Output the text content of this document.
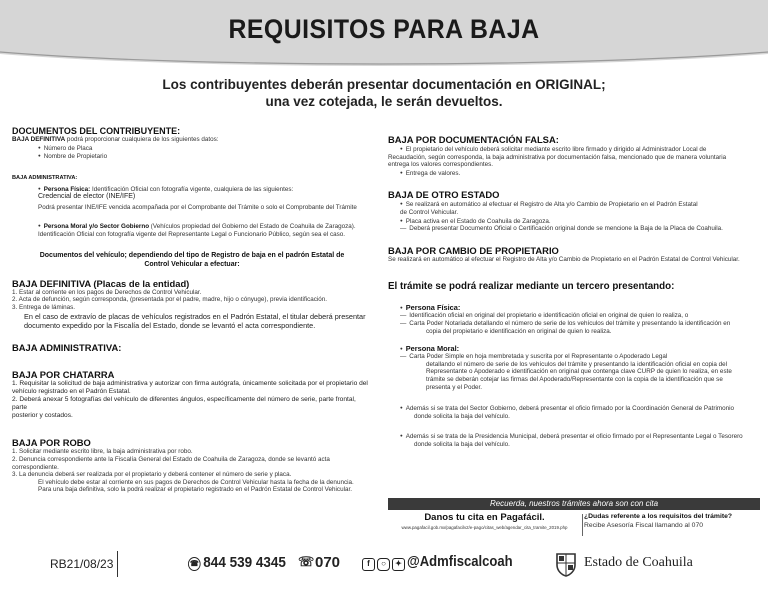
REQUISITOS PARA BAJA
Los contribuyentes deberán presentar documentación en ORIGINAL;
una vez cotejada, le serán devueltos.
DOCUMENTOS DEL CONTRIBUYENTE:
BAJA DEFINITIVA podrá proporcionar cualquiera de los siguientes datos:
● Número de Placa
● Nombre de Propietario
BAJA ADMINISTRATIVA:
● Persona Física: Identificación Oficial con fotografía vigente, cualquiera de las siguientes:
Credencial de elector (INE/IFE)
Podrá presentar INE/IFE vencida acompañada por el Comprobante del Trámite o solo el Comprobante del Trámite
● Persona Moral y/o Sector Gobierno (Vehículos propiedad del Gobierno del Estado de Coahuila de Zaragoza).
Identificación Oficial con fotografía vigente del Representante Legal o Funcionario Público, según sea el caso.
Documentos del vehículo; dependiendo del tipo de Registro de baja en el padrón Estatal de
Control Vehicular a efectuar:
BAJA DEFINITIVA (Placas de la entidad)
1. Estar al corriente en los pagos de Derechos de Control Vehicular.
2. Acta de defunción, según corresponda, (presentada por el padre, madre, hijo o cónyuge), previa identificación.
3. Entrega de láminas.
En el caso de extravío de placas de vehículos registrados en el Padrón Estatal, el titular deberá presentar
documento expedido por la Fiscalía del Estado, donde se levantó el acta correspondiente.
BAJA ADMINISTRATIVA:
BAJA POR CHATARRA
1. Requisitar la solicitud de baja administrativa y autorizar con firma autógrafa, únicamente solicitada por el propietario del
vehículo registrado en el Padrón Estatal.
2. Deberá anexar 5 fotografías del vehículo de diferentes ángulos, específicamente del número de serie, parte frontal, parte
posterior y costados.
BAJA POR ROBO
1. Solicitar mediante escrito libre, la baja administrativa por robo.
2. Denuncia correspondiente ante la Fiscalía General del Estado de Coahuila de Zaragoza, donde se levantó acta correspondiente.
3. La denuncia deberá ser realizada por el propietario y deberá contener el número de serie y placa.
El vehículo debe estar al corriente en sus pagos de Derechos de Control Vehicular hasta la fecha de la denuncia.
Para una baja definitiva, solo la podrá realizar el propietario registrado en el Padrón Estatal de Control Vehicular.
BAJA POR DOCUMENTACIÓN FALSA:
● El propietario del vehículo deberá solicitar mediante escrito libre firmado y dirigido al Administrador Local de
Recaudación, según corresponda, la baja administrativa por documentación falsa, mencionado que de manera voluntaria
entrega los valores correspondientes.
● Entrega de valores.
BAJA DE OTRO ESTADO
● Se realizará en automático al efectuar el Registro de Alta y/o Cambio de Propietario en el Padrón Estatal
de Control Vehicular.
● Placa activa en el Estado de Coahuila de Zaragoza.
— Deberá presentar Documento Oficial o Certificación original donde se mencione la Baja de la Placa de Coahuila.
BAJA POR CAMBIO DE PROPIETARIO
Se realizará en automático al efectuar el Registro de Alta y/o Cambio de Propietario en el Padrón Estatal de Control Vehicular.
El trámite se podrá realizar mediante un tercero presentando:
● Persona Física:
— Identificación oficial en original del propietario e identificación oficial en original de quien lo realiza, o
— Carta Poder Notariada detallando el número de serie de los vehículos del trámite y presentando la identificación en
copia del propietario e identificación en original de quien lo realiza.
● Persona Moral:
— Carta Poder Simple en hoja membretada y suscrita por el Representante o Apoderado Legal
detallando el número de serie de los vehículos del trámite y presentando la identificación oficial en copia del
Representante o Apoderado e identificación en original que contenga clave CURP de quien lo realiza, en este
trámite se deberán cotejar las firmas del Apoderado/Representante con la copia de la identificación que se
presenta y el Poder.
● Además si se trata del Sector Gobierno, deberá presentar el oficio firmado por la Coordinación General de Patrimonio
donde solicita la baja del vehículo.
● Además si se trata de la Presidencia Municipal, deberá presentar el oficio firmado por el Representante Legal o Tesorero
donde solicita la baja del vehículo.
Recuerda, nuestros trámites ahora son con cita
Danos tu cita en Pagafácil.
www.pagafacil.gob.mx/pagafacilv2/e-pago/citas_web/agendar_cita_tramite_2019.php
¿Dudas referente a los requisitos del trámite?
Recibe Asesoría Fiscal llamando al 070
RB21/08/23	☎ 844 539 4345 ☏070	f ○ ✦ @Admfiscalcoah	Estado de Coahuila
